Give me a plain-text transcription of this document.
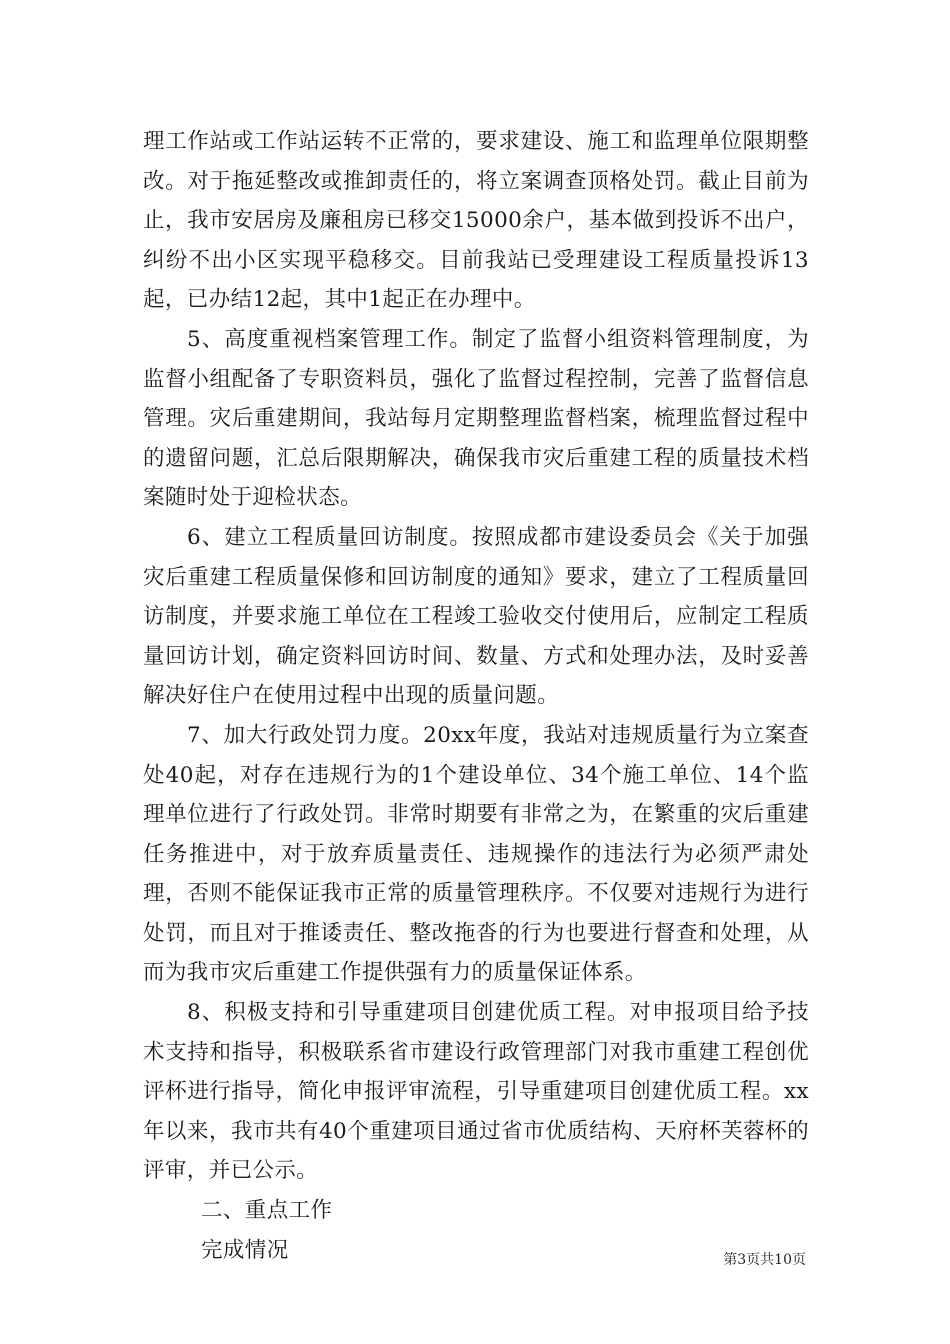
理工作站或工作站运转不正常的，要求建设、施工和监理单位限期整改。对于拖延整改或推卸责任的，将立案调查顶格处罚。截止目前为止，我市安居房及廉租房已移交15000余户，基本做到投诉不出户，纠纷不出小区实现平稳移交。目前我站已受理建设工程质量投诉13起，已办结12起，其中1起正在办理中。

5、高度重视档案管理工作。制定了监督小组资料管理制度，为监督小组配备了专职资料员，强化了监督过程控制，完善了监督信息管理。灾后重建期间，我站每月定期整理监督档案，梳理监督过程中的遗留问题，汇总后限期解决，确保我市灾后重建工程的质量技术档案随时处于迎检状态。

6、建立工程质量回访制度。按照成都市建设委员会《关于加强灾后重建工程质量保修和回访制度的通知》要求，建立了工程质量回访制度，并要求施工单位在工程竣工验收交付使用后，应制定工程质量回访计划，确定资料回访时间、数量、方式和处理办法，及时妥善解决好住户在使用过程中出现的质量问题。

7、加大行政处罚力度。20xx年度，我站对违规质量行为立案查处40起，对存在违规行为的1个建设单位、34个施工单位、14个监理单位进行了行政处罚。非常时期要有非常之为，在繁重的灾后重建任务推进中，对于放弃质量责任、违规操作的违法行为必须严肃处理，否则不能保证我市正常的质量管理秩序。不仅要对违规行为进行处罚，而且对于推诿责任、整改拖沓的行为也要进行督查和处理，从而为我市灾后重建工作提供强有力的质量保证体系。

8、积极支持和引导重建项目创建优质工程。对申报项目给予技术支持和指导，积极联系省市建设行政管理部门对我市重建工程创优评杯进行指导，简化申报评审流程，引导重建项目创建优质工程。xx年以来，我市共有40个重建项目通过省市优质结构、天府杯芙蓉杯的评审，并已公示。

二、重点工作

完成情况	第3页共10页
